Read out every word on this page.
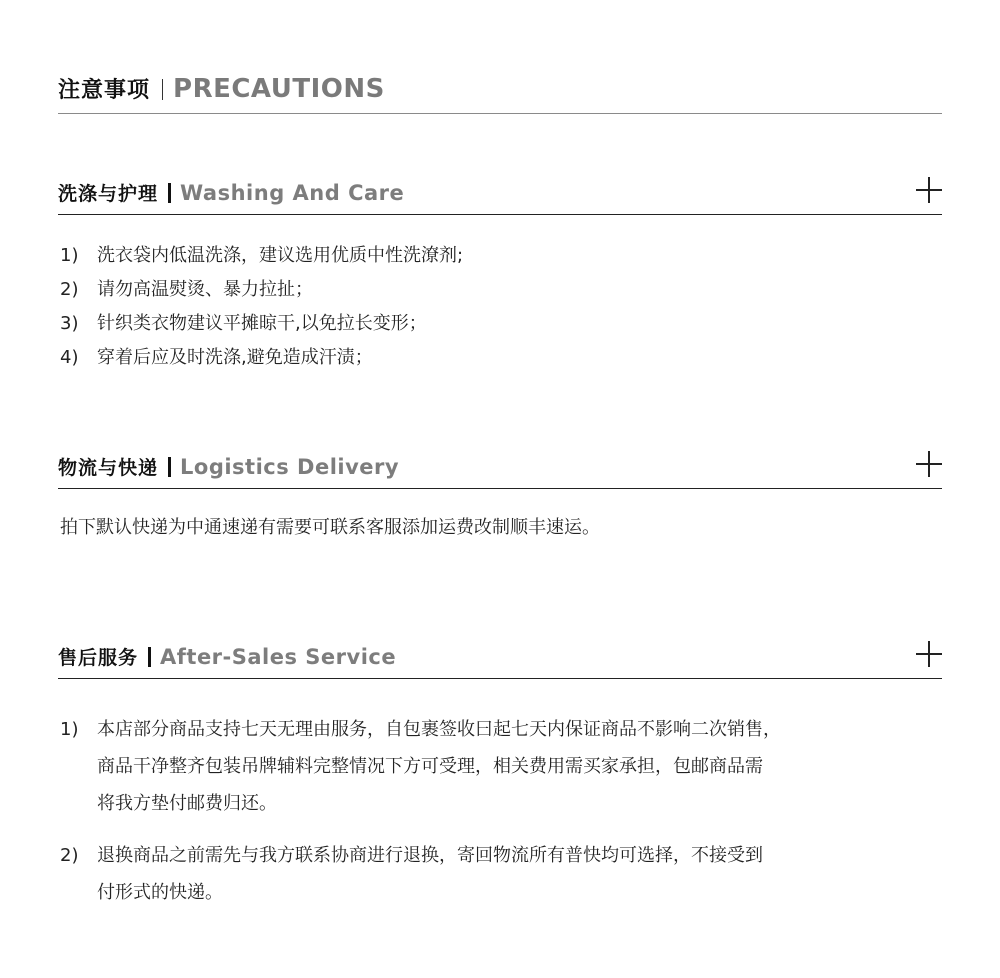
注意事项 PRECAUTIONS
洗涤与护理 Washing And Care
1) 洗衣袋内低温洗涤，建议选用优质中性洗潦剂;
2) 请勿高温熨烫、暴力拉扯；
3) 针织类衣物建议平摊晾干,以免拉长变形；
4) 穿着后应及时洗涤,避免造成汗渍；
物流与快递 Logistics Delivery

拍下默认快递为中通速递有需要可联系客服添加运费改制顺丰速运。

售后服务 After-Sales Service
1) 本店部分商品支持七天无理由服务，自包裹签收曰起七天内保证商品不影响二次销售，
商品干净整齐包装吊牌辅料完整情况下方可受理，相关费用需买家承担，包邮商品需
将我方垫付邮费归还。
2) 退换商品之前需先与我方联系协商进行退换，寄回物流所有普快均可选择，不接受到
付形式的快递。
